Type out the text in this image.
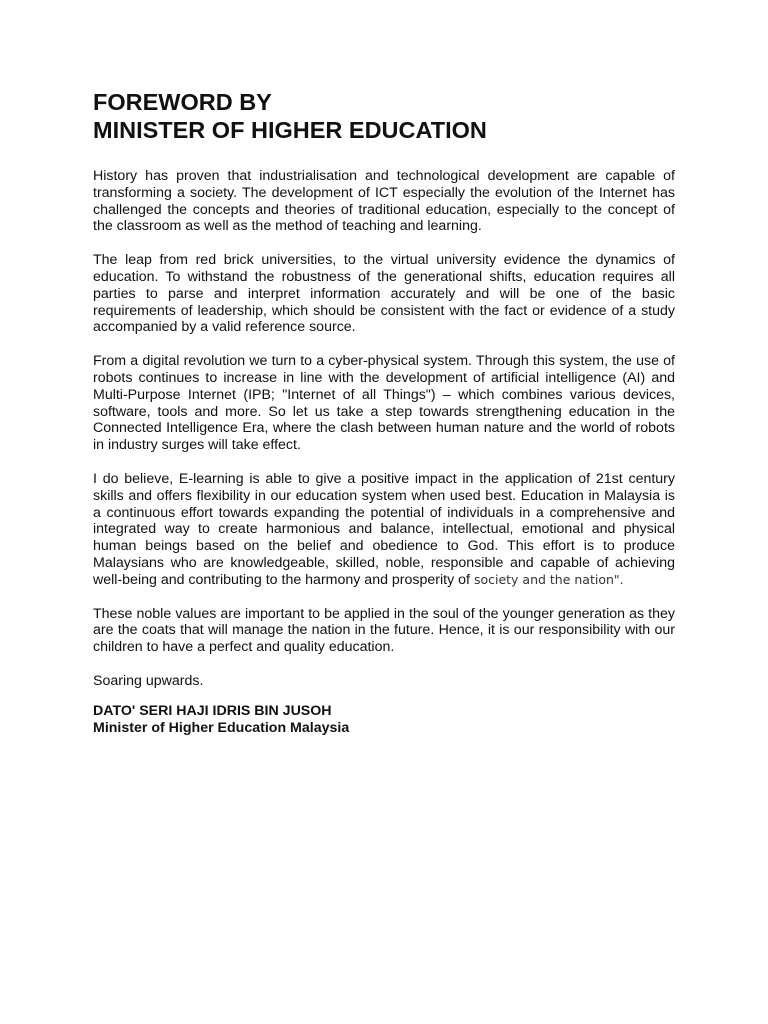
FOREWORD BY
MINISTER OF HIGHER EDUCATION

History has proven that industrialisation and technological development are capable of transforming a society. The development of ICT especially the evolution of the Internet has challenged the concepts and theories of traditional education, especially to the concept of the classroom as well as the method of teaching and learning.

The leap from red brick universities, to the virtual university evidence the dynamics of education. To withstand the robustness of the generational shifts, education requires all parties to parse and interpret information accurately and will be one of the basic requirements of leadership, which should be consistent with the fact or evidence of a study accompanied by a valid reference source.

From a digital revolution we turn to a cyber-physical system. Through this system, the use of robots continues to increase in line with the development of artificial intelligence (AI) and Multi-Purpose Internet (IPB; "Internet of all Things") – which combines various devices, software, tools and more. So let us take a step towards strengthening education in the Connected Intelligence Era, where the clash between human nature and the world of robots in industry surges will take effect.

I do believe, E-learning is able to give a positive impact in the application of 21st century skills and offers flexibility in our education system when used best. Education in Malaysia is a continuous effort towards expanding the potential of individuals in a comprehensive and integrated way to create harmonious and balance, intellectual, emotional and physical human beings based on the belief and obedience to God. This effort is to produce Malaysians who are knowledgeable, skilled, noble, responsible and capable of achieving well-being and contributing to the harmony and prosperity of society and the nation".

These noble values are important to be applied in the soul of the younger generation as they are the coats that will manage the nation in the future. Hence, it is our responsibility with our children to have a perfect and quality education.

Soaring upwards.

DATO' SERI HAJI IDRIS BIN JUSOH

Minister of Higher Education Malaysia
